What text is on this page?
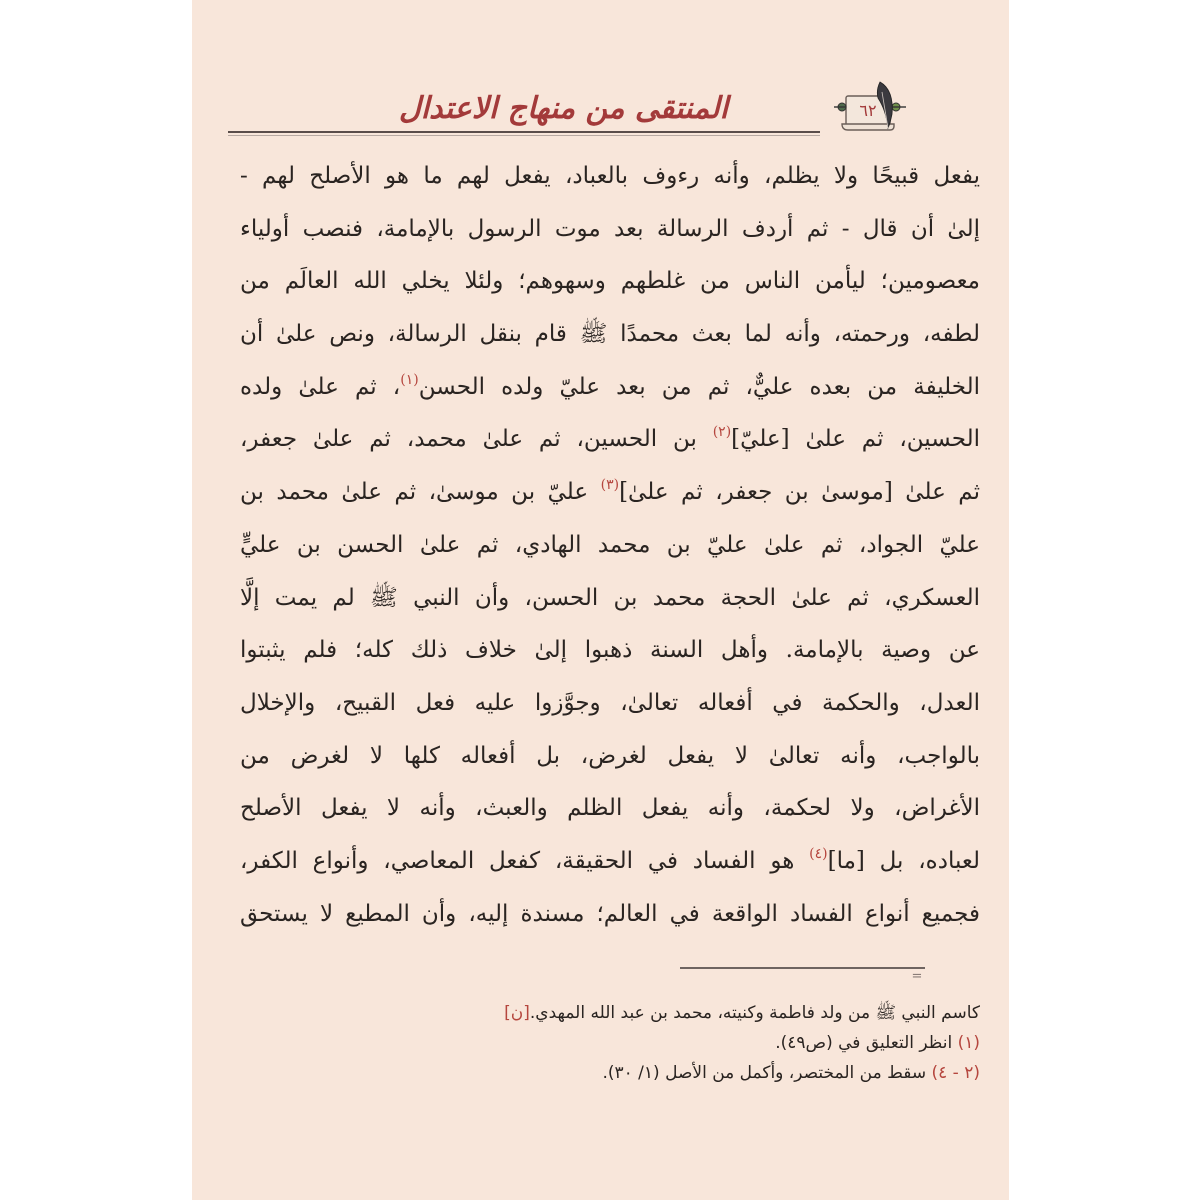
المنتقى من منهاج الاعتدال	٦٢
يفعل قبيحًا ولا يظلم، وأنه رءوف بالعباد، يفعل لهم ما هو الأصلح لهم -
إلىٰ أن قال - ثم أردف الرسالة بعد موت الرسول بالإمامة، فنصب أولياء
معصومين؛ ليأمن الناس من غلطهم وسهوهم؛ ولئلا يخلي الله العالَم من
لطفه، ورحمته، وأنه لما بعث محمدًا ﷺ قام بنقل الرسالة، ونص علىٰ أن
الخليفة من بعده عليٌّ، ثم من بعد عليّ ولده الحسن$^{(١)}$، ثم علىٰ ولده
الحسين، ثم علىٰ [عليّ]$^{(٢)}$ بن الحسين، ثم علىٰ محمد، ثم علىٰ جعفر،
ثم علىٰ [موسىٰ بن جعفر، ثم علىٰ]$^{(٣)}$ عليّ بن موسىٰ، ثم علىٰ محمد بن
عليّ الجواد، ثم علىٰ عليّ بن محمد الهادي، ثم علىٰ الحسن بن عليٍّ
العسكري، ثم علىٰ الحجة محمد بن الحسن، وأن النبي ﷺ لم يمت إلَّا
عن وصية بالإمامة. وأهل السنة ذهبوا إلىٰ خلاف ذلك كله؛ فلم يثبتوا
العدل، والحكمة في أفعاله تعالىٰ، وجوَّزوا عليه فعل القبيح، والإخلال
بالواجب، وأنه تعالىٰ لا يفعل لغرض، بل أفعاله كلها لا لغرض من
الأغراض، ولا لحكمة، وأنه يفعل الظلم والعبث، وأنه لا يفعل الأصلح
لعباده، بل [ما]$^{(٤)}$ هو الفساد في الحقيقة، كفعل المعاصي، وأنواع الكفر،
فجميع أنواع الفساد الواقعة في العالم؛ مسندة إليه، وأن المطيع لا يستحق
=
كاسم النبي ﷺ من ولد فاطمة وكنيته، محمد بن عبد الله المهدي.[ن]
(١) انظر التعليق في (ص٤٩).
(٢ - ٤) سقط من المختصر، وأكمل من الأصل (١/ ٣٠).
